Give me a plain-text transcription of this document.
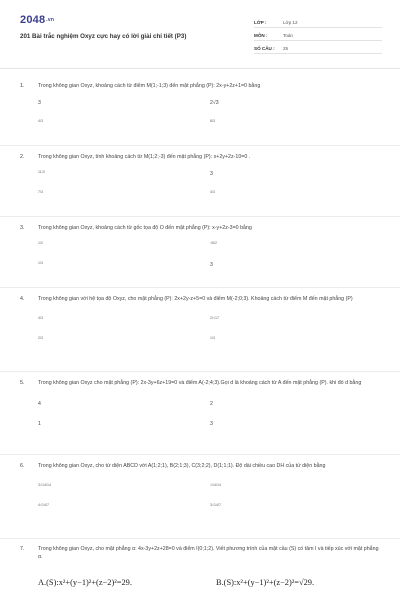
2048.vn
201 Bài trắc nghiệm Oxyz cực hay có lời giải chi tiết (P3)
LỚP :	Lớp 12
MÔN :	Toán
SỐ CÂU :	25
1.	Trong không gian Oxyz, khoảng cách từ điểm M(1;-1;3) đến mặt phẳng (P): 2x-y+2z+1=0 bằng
3	2√3
4/3	8/3
2.	Trong không gian Oxyz, tính khoảng cách từ M(1;2;-3) đến mặt phẳng (P): x+2y+2z-10=0 .
11/3	3
7/3	4/3
3.	Trong không gian Oxyz, khoảng cách từ gốc tọa độ O đến mặt phẳng (P): x-y+2z-3=0 bằng
1/2	√6/2
1/3	3
4.	Trong không gian với hệ tọa độ Oxyz, cho mặt phẳng (P): 2x+2y-z+5=0 và điểm M(-2;0;3). Khoảng cách từ điểm M đến mặt phẳng (P)
4/3	2/√17
2/3	1/3
5.	Trong không gian Oxyz cho mặt phẳng (P): 2x-3y+6z+19=0 và điểm A(-2;4;3).Gọi d là khoảng cách từ A đến mặt phẳng (P). khi đó d bằng
4	2
1	3
6.	Trong không gian Oxyz, cho tứ diện ABCD với A(1;2;1), B(2;1;3), C(3;2;2), D(1;1;1). Độ dài chiều cao DH của tứ diện bằng
3√14/14	√14/14
4√14/7	3√14/7
7.	Trong không gian Oxyz, cho mặt phẳng α: 4x-3y+2z+28=0 và điểm I(0;1;2). Viết phương trình của mặt cầu (S) có tâm I và tiếp xúc với mặt phẳng α.
A.(S):x²+(y−1)²+(z−2)²=29.	B.(S):x²+(y−1)²+(z−2)²=√29.
